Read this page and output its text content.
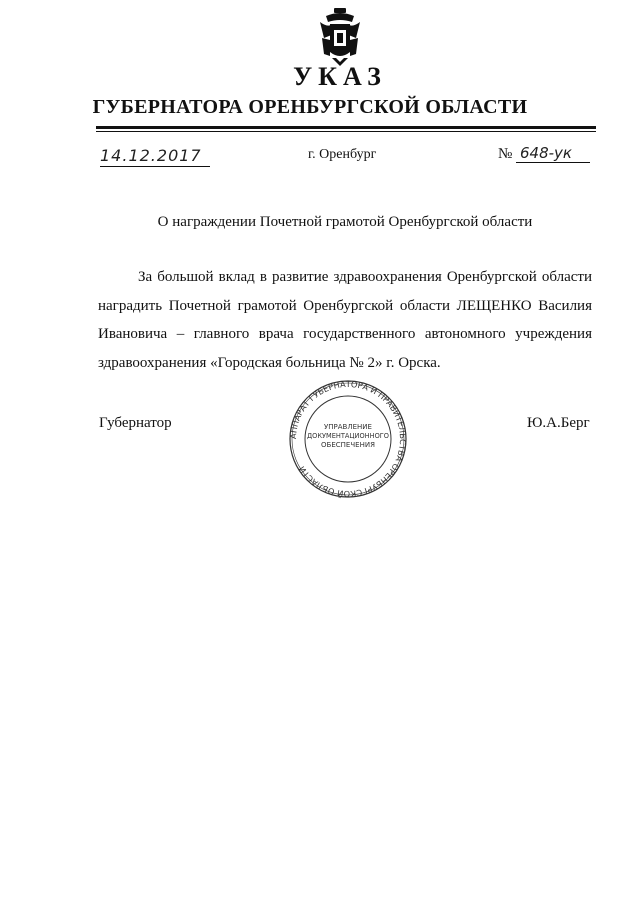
УКАЗ
ГУБЕРНАТОРА ОРЕНБУРГСКОЙ ОБЛАСТИ
14.12.2017	г. Оренбург	№ 648-ук
О награждении Почетной грамотой Оренбургской области
За большой вклад в развитие здравоохранения Оренбургской области наградить Почетной грамотой Оренбургской области ЛЕЩЕНКО Василия Ивановича – главного врача государственного автономного учреждения здравоохранения «Городская больница № 2» г. Орска.
Губернатор	Ю.А.Берг
АППАРАТ ГУБЕРНАТОРА И ПРАВИТЕЛЬСТВА ОРЕНБУРГСКОЙ ОБЛАСТИ
УПРАВЛЕНИЕ
ДОКУМЕНТАЦИОННОГО
ОБЕСПЕЧЕНИЯ
